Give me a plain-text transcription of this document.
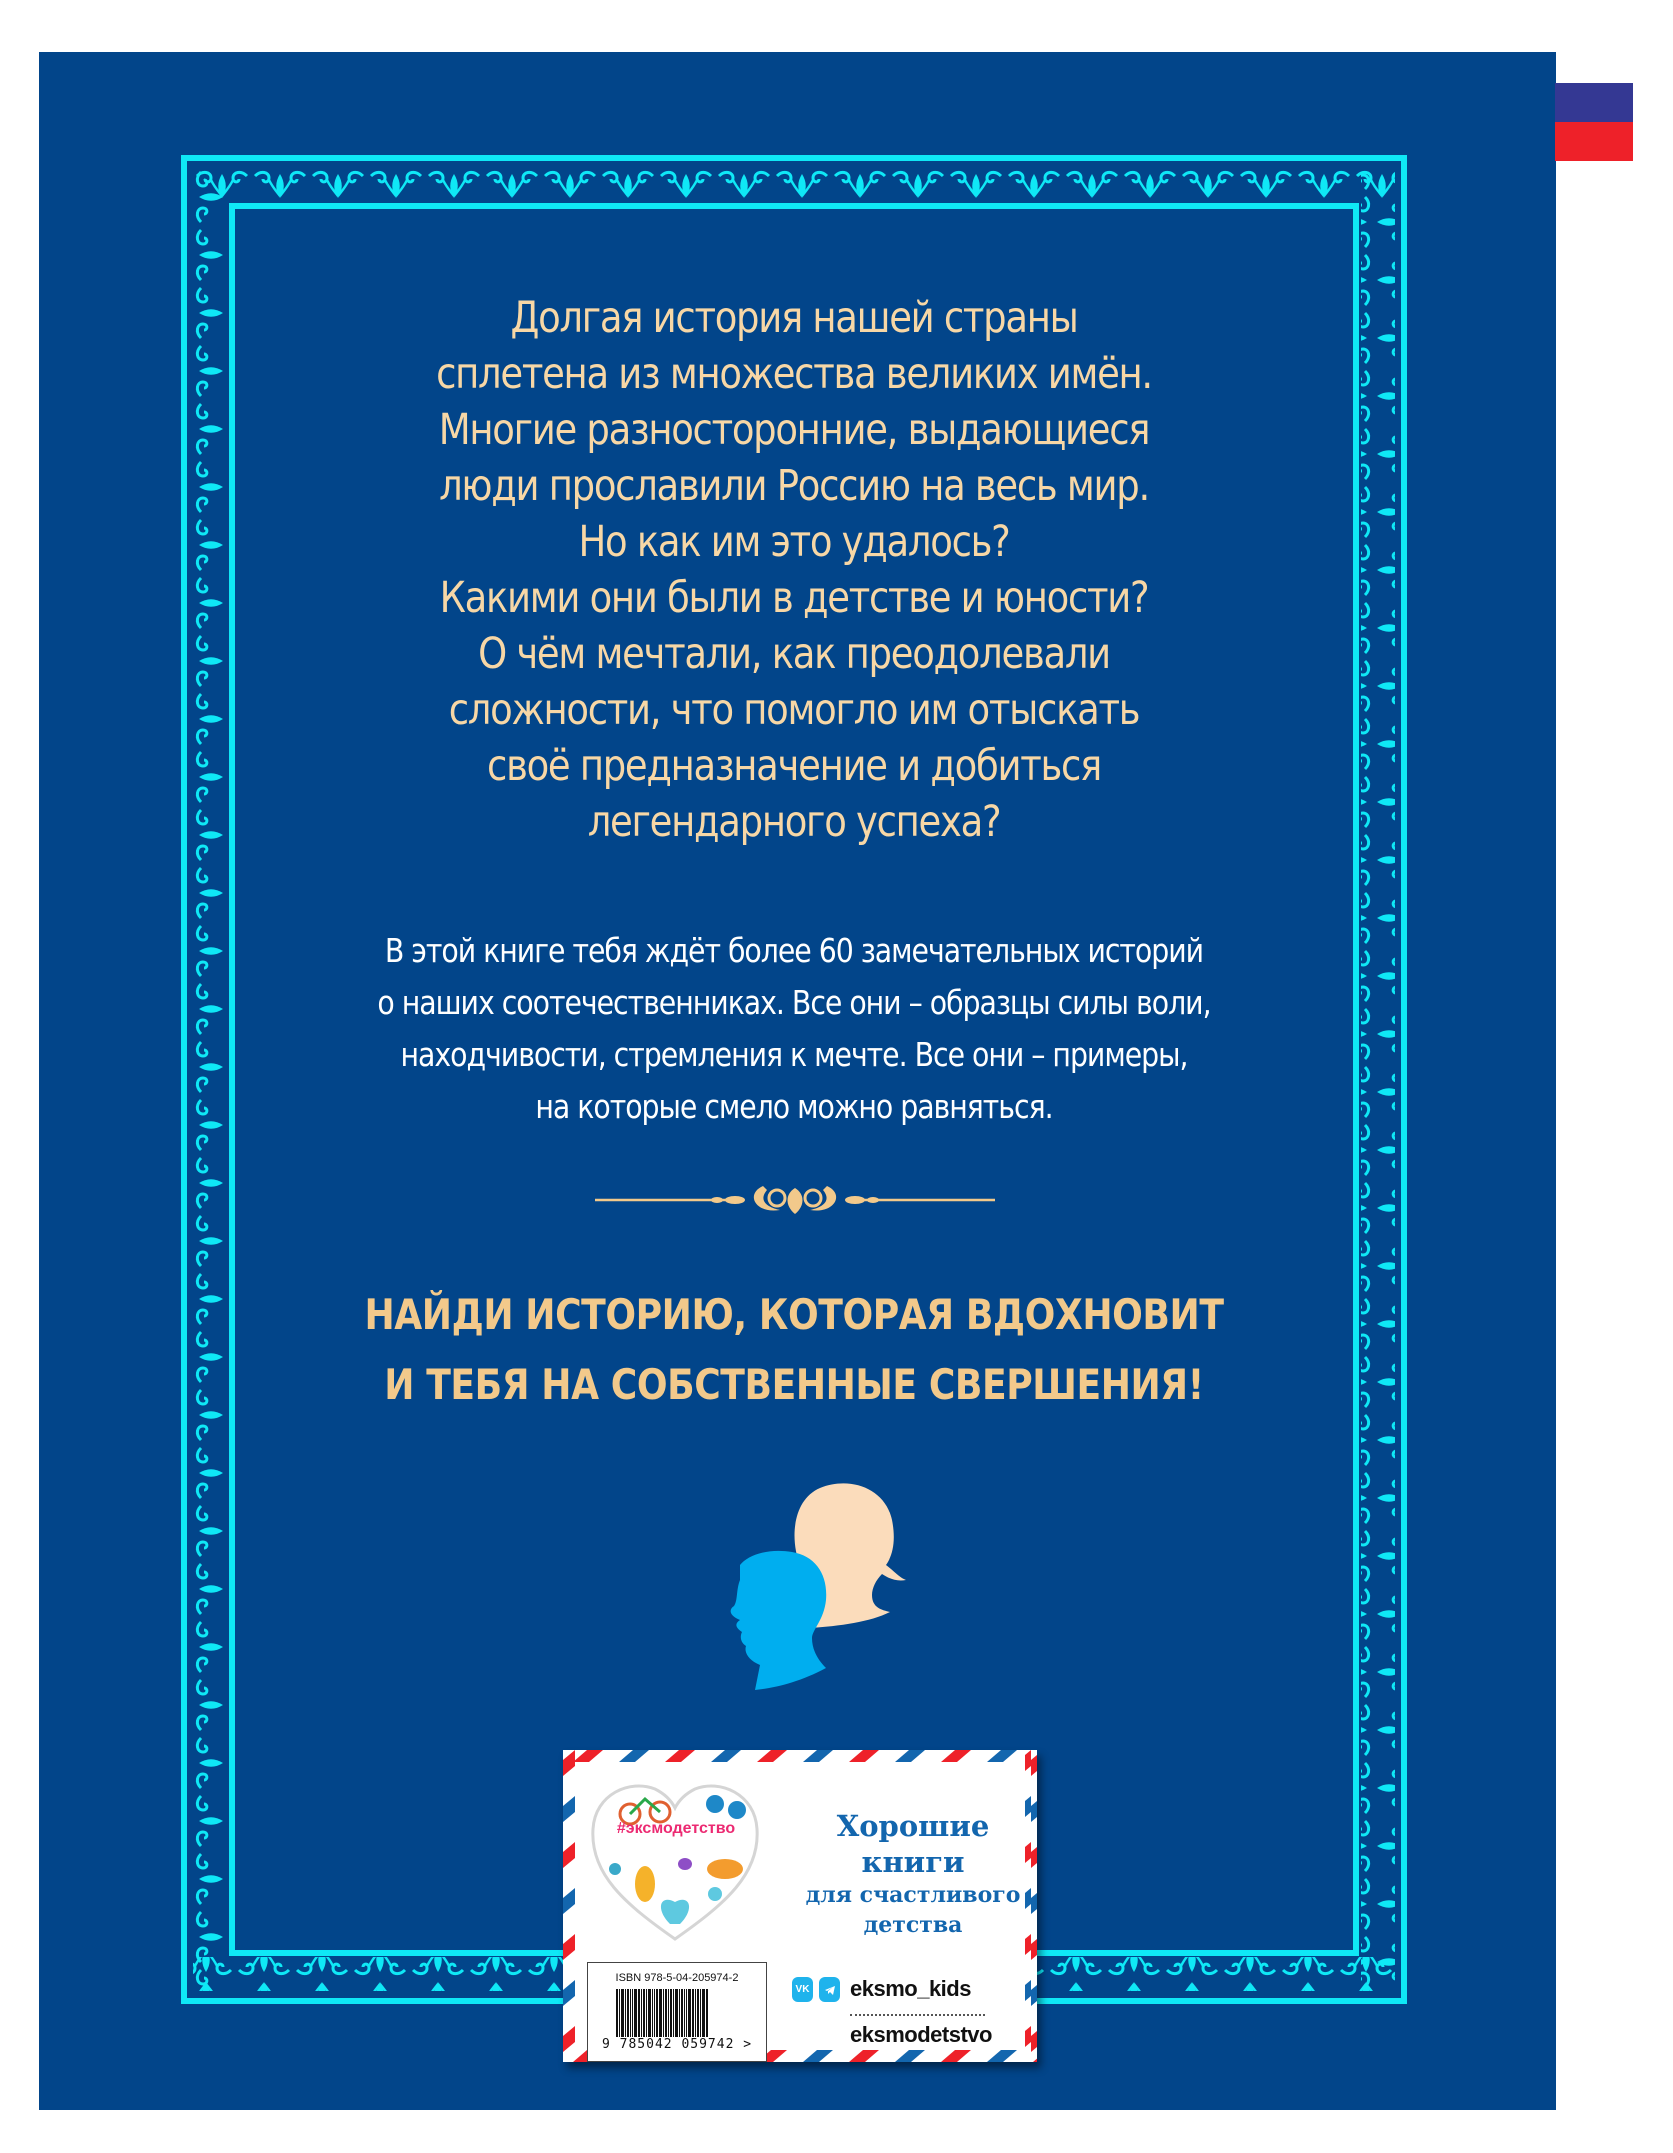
Долгая история нашей страны
сплетена из множества великих имён.
Многие разносторонние, выдающиеся
люди прославили Россию на весь мир.
Но как им это удалось?
Какими они были в детстве и юности?
О чём мечтали, как преодолевали
сложности, что помогло им отыскать
своё предназначение и добиться
легендарного успеха?
В этой книге тебя ждёт более 60 замечательных историй
о наших соотечественниках. Все они – образцы силы воли,
находчивости, стремления к мечте. Все они – примеры,
на которые смело можно равняться.
НАЙДИ ИСТОРИЮ, КОТОРАЯ ВДОХНОВИТ
И ТЕБЯ НА СОБСТВЕННЫЕ СВЕРШЕНИЯ!
#эксмодетство
ISBN 978-5-04-205974-2
9 785042 059742 >
Хорошие
книги
для счастливого
детства
VK eksmo_kids
eksmodetstvo
